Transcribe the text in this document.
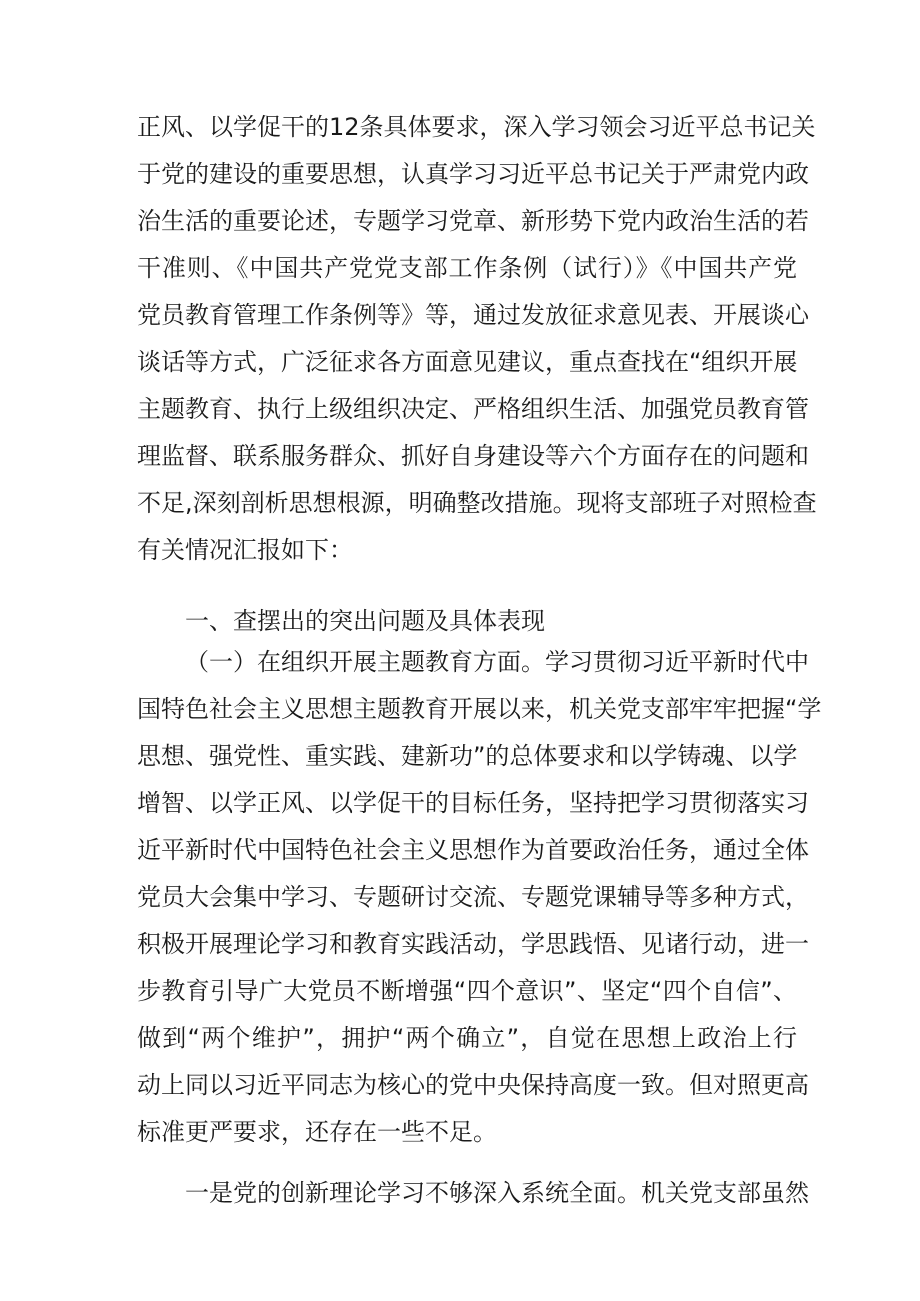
正风、以学促干的12条具体要求，深入学习领会习近平总书记关
于党的建设的重要思想，认真学习习近平总书记关于严肃党内政
治生活的重要论述，专题学习党章、新形势下党内政治生活的若
干准则、《中国共产党党支部工作条例（试行）》《中国共产党
党员教育管理工作条例等》等，通过发放征求意见表、开展谈心
谈话等方式，广泛征求各方面意见建议，重点查找在“组织开展
主题教育、执行上级组织决定、严格组织生活、加强党员教育管
理监督、联系服务群众、抓好自身建设等六个方面存在的问题和
不足,深刻剖析思想根源，明确整改措施。现将支部班子对照检查
有关情况汇报如下：
一、查摆出的突出问题及具体表现
（一）在组织开展主题教育方面。学习贯彻习近平新时代中
国特色社会主义思想主题教育开展以来，机关党支部牢牢把握“学
思想、强党性、重实践、建新功”的总体要求和以学铸魂、以学
增智、以学正风、以学促干的目标任务，坚持把学习贯彻落实习
近平新时代中国特色社会主义思想作为首要政治任务，通过全体
党员大会集中学习、专题研讨交流、专题党课辅导等多种方式，
积极开展理论学习和教育实践活动，学思践悟、见诸行动，进一
步教育引导广大党员不断增强“四个意识”、坚定“四个自信”、
做到“两个维护”，拥护“两个确立”，自觉在思想上政治上行
动上同以习近平同志为核心的党中央保持高度一致。但对照更高
标准更严要求，还存在一些不足。
一是党的创新理论学习不够深入系统全面。机关党支部虽然
